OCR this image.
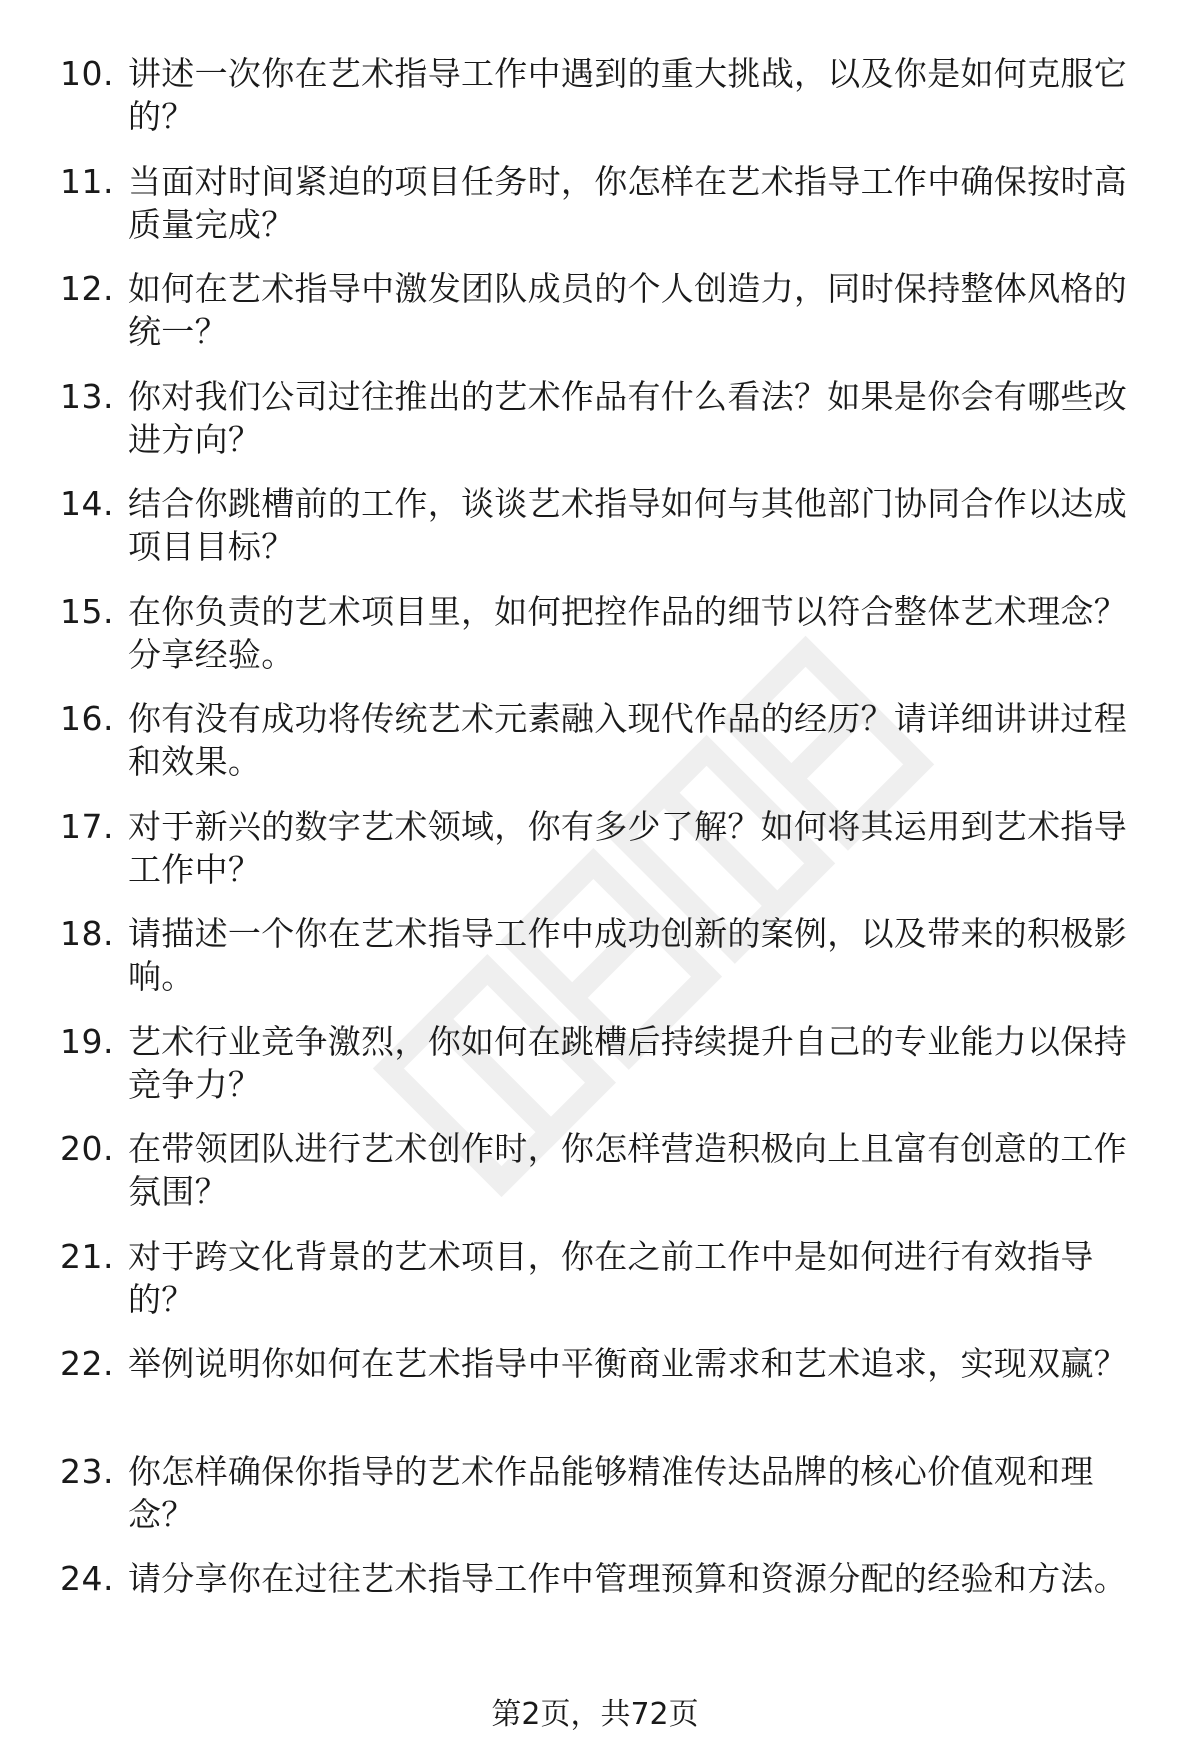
10. 讲述一次你在艺术指导工作中遇到的重大挑战，以及你是如何克服它的？
11. 当面对时间紧迫的项目任务时，你怎样在艺术指导工作中确保按时高质量完成？
12. 如何在艺术指导中激发团队成员的个人创造力，同时保持整体风格的统一？
13. 你对我们公司过往推出的艺术作品有什么看法？如果是你会有哪些改进方向？
14. 结合你跳槽前的工作，谈谈艺术指导如何与其他部门协同合作以达成项目目标？
15. 在你负责的艺术项目里，如何把控作品的细节以符合整体艺术理念？分享经验。
16. 你有没有成功将传统艺术元素融入现代作品的经历？请详细讲讲过程和效果。
17. 对于新兴的数字艺术领域，你有多少了解？如何将其运用到艺术指导工作中？
18. 请描述一个你在艺术指导工作中成功创新的案例，以及带来的积极影响。
19. 艺术行业竞争激烈，你如何在跳槽后持续提升自己的专业能力以保持竞争力？
20. 在带领团队进行艺术创作时，你怎样营造积极向上且富有创意的工作氛围？
21. 对于跨文化背景的艺术项目，你在之前工作中是如何进行有效指导的？
22. 举例说明你如何在艺术指导中平衡商业需求和艺术追求，实现双赢？
23. 你怎样确保你指导的艺术作品能够精准传达品牌的核心价值观和理念？
24. 请分享你在过往艺术指导工作中管理预算和资源分配的经验和方法。
第2页，共72页
